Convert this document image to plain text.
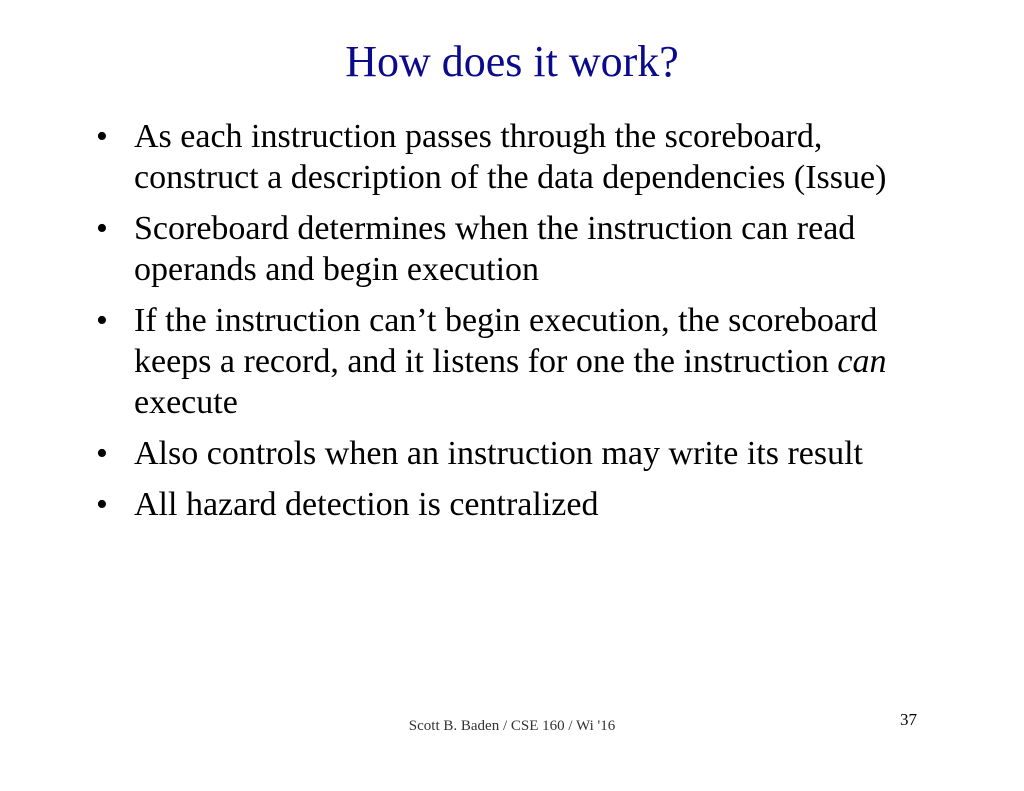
How does it work?
• As each instruction passes through the scoreboard, construct a description of the data dependencies (Issue)
• Scoreboard determines when the instruction can read operands and begin execution
• If the instruction can’t begin execution, the scoreboard keeps a record, and it listens for one the instruction can execute
• Also controls when an instruction may write its result
• All hazard detection is centralized
Scott B. Baden / CSE 160 / Wi '16	37
